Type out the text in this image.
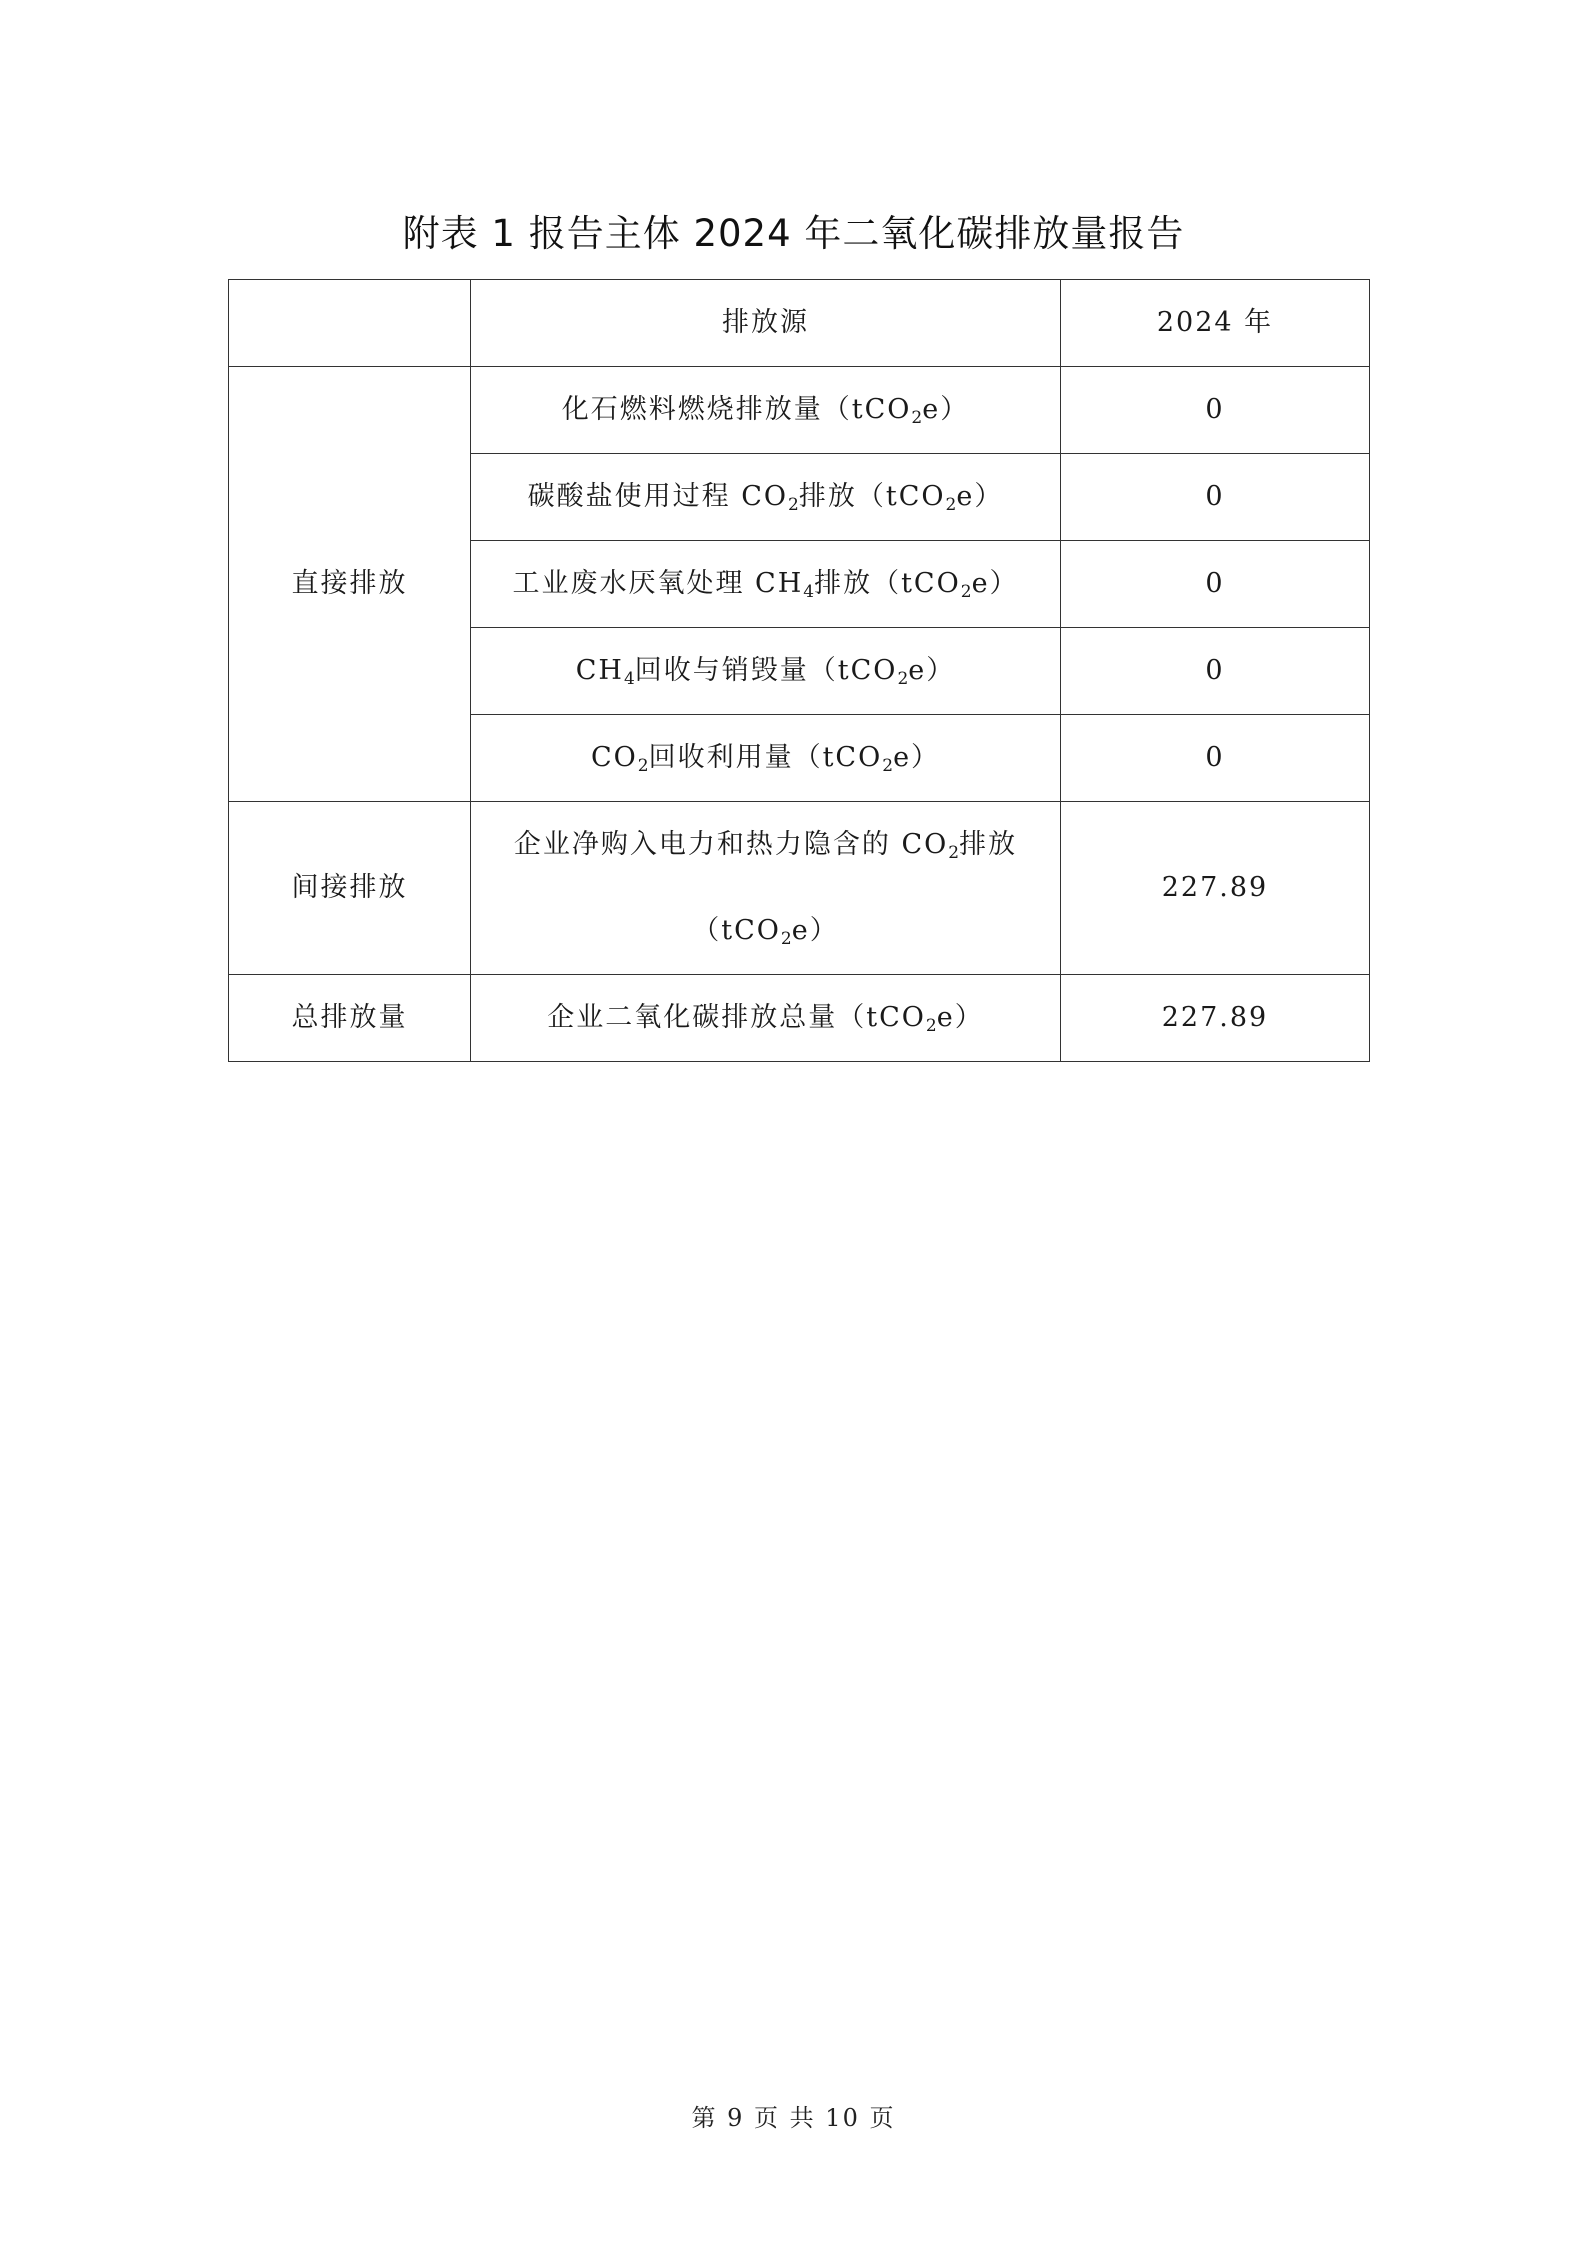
附表 1 报告主体 2024 年二氧化碳排放量报告
	排放源	2024 年
直接排放	化石燃料燃烧排放量（tCO$_2$e）	0
	碳酸盐使用过程 $CO_2$排放（tCO$_2$e）	0
	工业废水厌氧处理 $CH_4$排放（tCO$_2$e）	0
	$CH_4$回收与销毁量（tCO$_2$e）	0
	$CO_2$回收利用量（tCO$_2$e）	0
间接排放	企业净购入电力和热力隐含的 $CO_2$排放
（tCO$_2$e）	227.89
总排放量	企业二氧化碳排放总量（tCO$_2$e）	227.89
第 9 页 共 10 页
